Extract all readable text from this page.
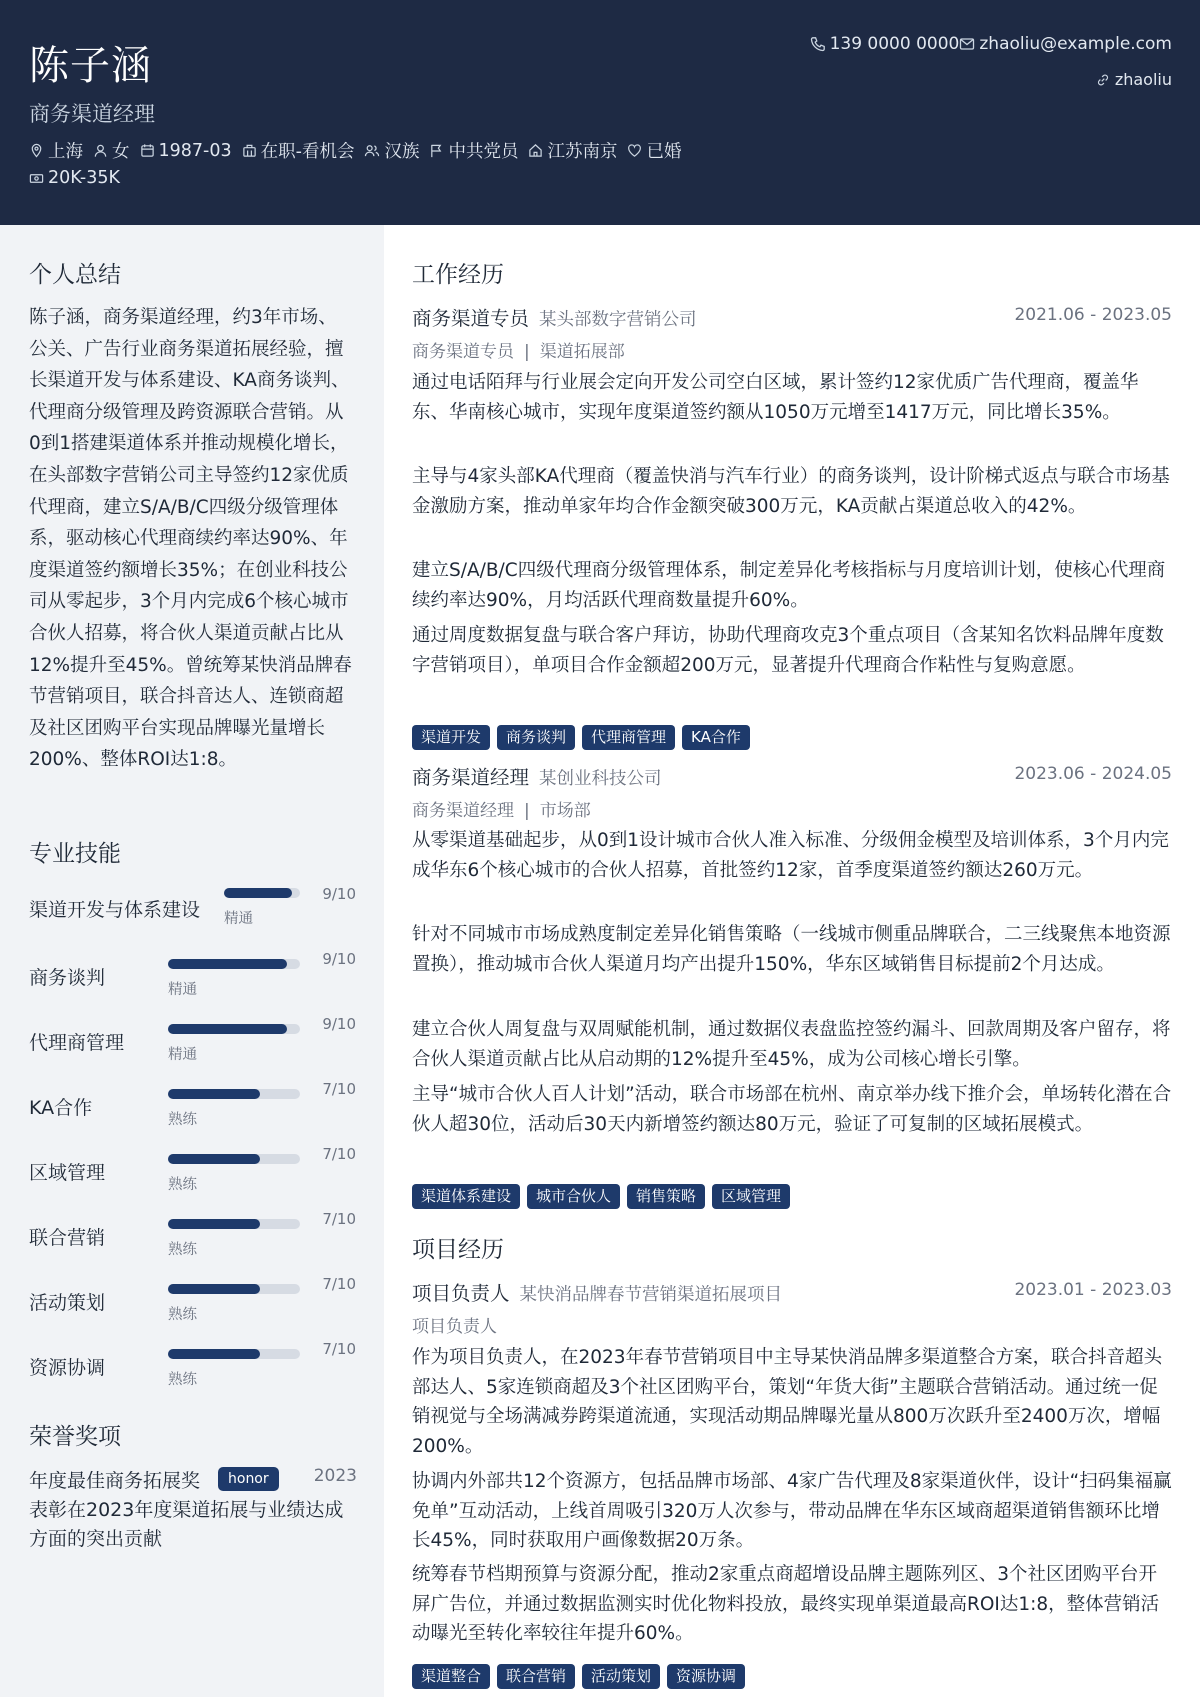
陈子涵
商务渠道经理
上海 女 1987-03 在职-看机会 汉族 中共党员 江苏南京 已婚
20K-35K
139 0000 0000 zhaoliu@example.com
zhaoliu
个人总结
陈子涵，商务渠道经理，约3年市场、公关、广告行业商务渠道拓展经验，擅长渠道开发与体系建设、KA商务谈判、代理商分级管理及跨资源联合营销。从0到1搭建渠道体系并推动规模化增长，在头部数字营销公司主导签约12家优质代理商，建立S/A/B/C四级分级管理体系，驱动核心代理商续约率达90%、年度渠道签约额增长35%；在创业科技公司从零起步，3个月内完成6个核心城市合伙人招募，将合伙人渠道贡献占比从12%提升至45%。曾统筹某快消品牌春节营销项目，联合抖音达人、连锁商超及社区团购平台实现品牌曝光量增长200%、整体ROI达1:8。
专业技能
渠道开发与体系建设 精通
9/10
商务谈判
精通
9/10
代理商管理
精通
9/10
KA合作
熟练
7/10
区域管理
熟练
7/10
联合营销
熟练
7/10
活动策划
熟练
7/10
资源协调
熟练
7/10
荣誉奖项
年度最佳商务拓展奖	honor	2023
表彰在2023年度渠道拓展与业绩达成方面的突出贡献
工作经历
商务渠道专员 某头部数字营销公司	2021.06 - 2023.05
商务渠道专员 | 渠道拓展部
通过电话陌拜与行业展会定向开发公司空白区域，累计签约12家优质广告代理商，覆盖华东、华南核心城市，实现年度渠道签约额从1050万元增至1417万元，同比增长35%。
主导与4家头部KA代理商（覆盖快消与汽车行业）的商务谈判，设计阶梯式返点与联合市场基金激励方案，推动单家年均合作金额突破300万元，KA贡献占渠道总收入的42%。
建立S/A/B/C四级代理商分级管理体系，制定差异化考核指标与月度培训计划，使核心代理商续约率达90%，月均活跃代理商数量提升60%。
通过周度数据复盘与联合客户拜访，协助代理商攻克3个重点项目（含某知名饮料品牌年度数字营销项目），单项目合作金额超200万元，显著提升代理商合作粘性与复购意愿。
渠道开发	商务谈判	代理商管理	KA合作
商务渠道经理 某创业科技公司	2023.06 - 2024.05
商务渠道经理 | 市场部
从零渠道基础起步，从0到1设计城市合伙人准入标准、分级佣金模型及培训体系，3个月内完成华东6个核心城市的合伙人招募，首批签约12家，首季度渠道签约额达260万元。
针对不同城市市场成熟度制定差异化销售策略（一线城市侧重品牌联合，二三线聚焦本地资源置换），推动城市合伙人渠道月均产出提升150%，华东区域销售目标提前2个月达成。
建立合伙人周复盘与双周赋能机制，通过数据仪表盘监控签约漏斗、回款周期及客户留存，将合伙人渠道贡献占比从启动期的12%提升至45%，成为公司核心增长引擎。
主导“城市合伙人百人计划”活动，联合市场部在杭州、南京举办线下推介会，单场转化潜在合伙人超30位，活动后30天内新增签约额达80万元，验证了可复制的区域拓展模式。
渠道体系建设	城市合伙人	销售策略	区域管理
项目经历
项目负责人 某快消品牌春节营销渠道拓展项目	2023.01 - 2023.03
项目负责人
作为项目负责人，在2023年春节营销项目中主导某快消品牌多渠道整合方案，联合抖音超头部达人、5家连锁商超及3个社区团购平台，策划“年货大街”主题联合营销活动。通过统一促销视觉与全场满减券跨渠道流通，实现活动期品牌曝光量从800万次跃升至2400万次，增幅200%。
协调内外部共12个资源方，包括品牌市场部、4家广告代理及8家渠道伙伴，设计“扫码集福赢免单”互动活动，上线首周吸引320万人次参与，带动品牌在华东区域商超渠道销售额环比增长45%，同时获取用户画像数据20万条。
统筹春节档期预算与资源分配，推动2家重点商超增设品牌主题陈列区、3个社区团购平台开屏广告位，并通过数据监测实时优化物料投放，最终实现单渠道最高ROI达1:8，整体营销活动曝光至转化率较往年提升60%。
渠道整合	联合营销	活动策划	资源协调
